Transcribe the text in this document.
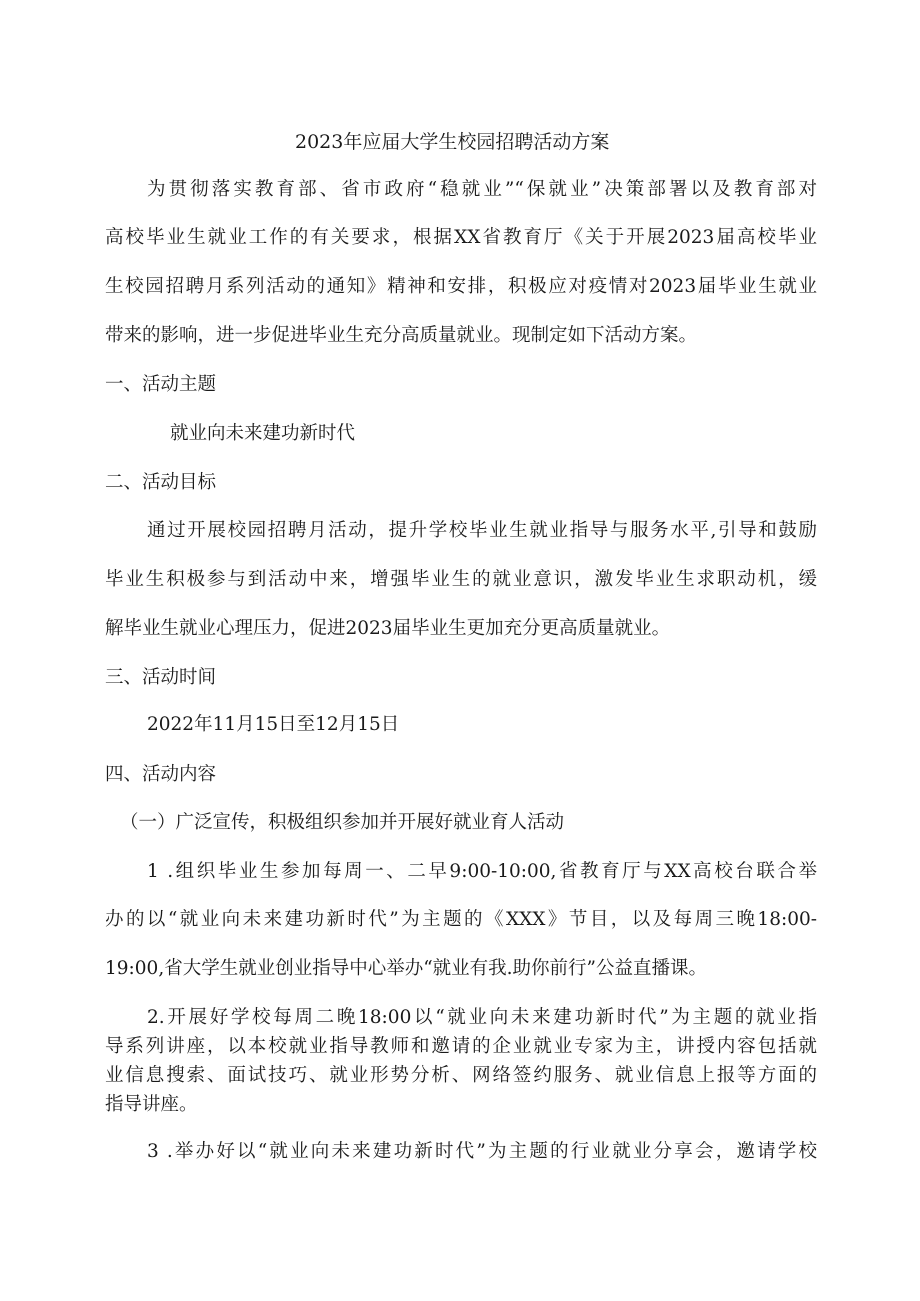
2023年应届大学生校园招聘活动方案
为贯彻落实教育部、省市政府“稳就业”“保就业”决策部署以及教育部对
高校毕业生就业工作的有关要求，根据XX省教育厅《关于开展2023届高校毕业
生校园招聘月系列活动的通知》精神和安排，积极应对疫情对2023届毕业生就业
带来的影响，进一步促进毕业生充分高质量就业。现制定如下活动方案。
一、活动主题
就业向未来建功新时代
二、活动目标
通过开展校园招聘月活动，提升学校毕业生就业指导与服务水平,引导和鼓励
毕业生积极参与到活动中来，增强毕业生的就业意识，激发毕业生求职动机，缓
解毕业生就业心理压力，促进2023届毕业生更加充分更高质量就业。
三、活动时间
2022年11月15日至12月15日
四、活动内容
（一）广泛宣传，积极组织参加并开展好就业育人活动
1 .组织毕业生参加每周一、二早9:00-10:00,省教育厅与XX高校台联合举
办的以“就业向未来建功新时代”为主题的《XXX》节目，以及每周三晚18:00-
19:00,省大学生就业创业指导中心举办“就业有我.助你前行”公益直播课。
2.开展好学校每周二晚18:00以“就业向未来建功新时代”为主题的就业指
导系列讲座，以本校就业指导教师和邀请的企业就业专家为主，讲授内容包括就
业信息搜索、面试技巧、就业形势分析、网络签约服务、就业信息上报等方面的
指导讲座。
3 .举办好以“就业向未来建功新时代”为主题的行业就业分享会，邀请学校
